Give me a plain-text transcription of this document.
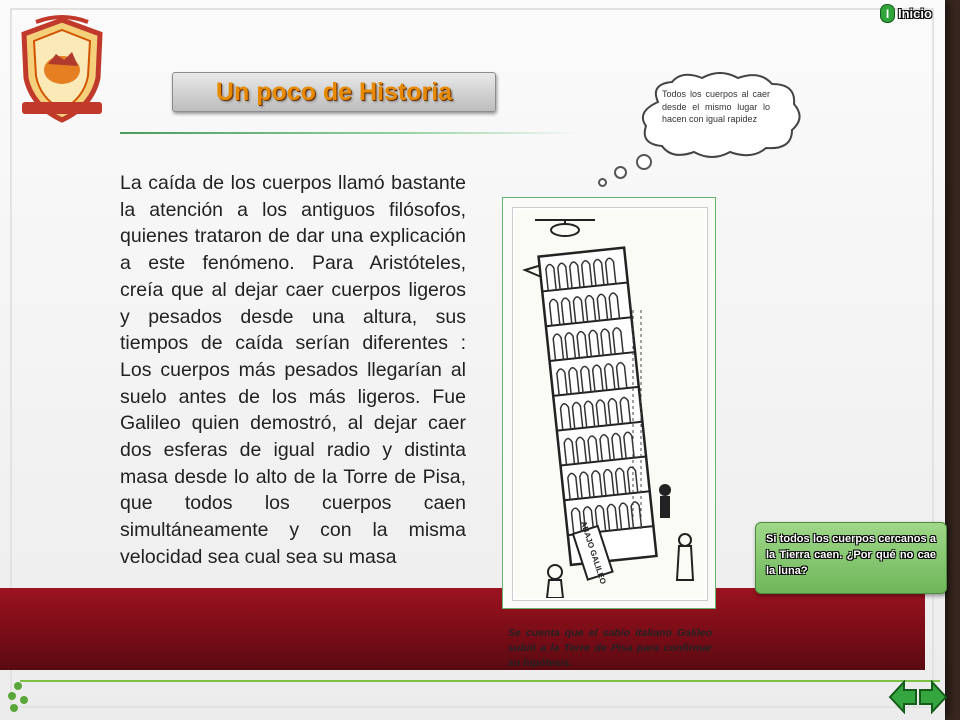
I Inicio
Un poco de Historia

La caída de los cuerpos llamó bastante la atención a los antiguos filósofos, quienes trataron de dar una explicación a este fenómeno. Para Aristóteles, creía que al dejar caer cuerpos ligeros y pesados desde una altura, sus tiempos de caída serían diferentes : Los cuerpos más pesados llegarían al suelo antes de los más ligeros. Fue Galileo quien demostró, al dejar caer dos esferas de igual radio y distinta masa desde lo alto de la Torre de Pisa, que todos los cuerpos caen simultáneamente y con la misma velocidad sea cual sea su masa

Todos los cuerpos al caer desde el mismo lugar lo hacen con igual rapidez

ABAJO GALILEO

Se cuenta que el sabio italiano Galileo subió a la Torre de Pisa para confirmar su hipótesis.

Si todos los cuerpos cercanos a la Tierra caen. ¿Por qué no cae la luna?
